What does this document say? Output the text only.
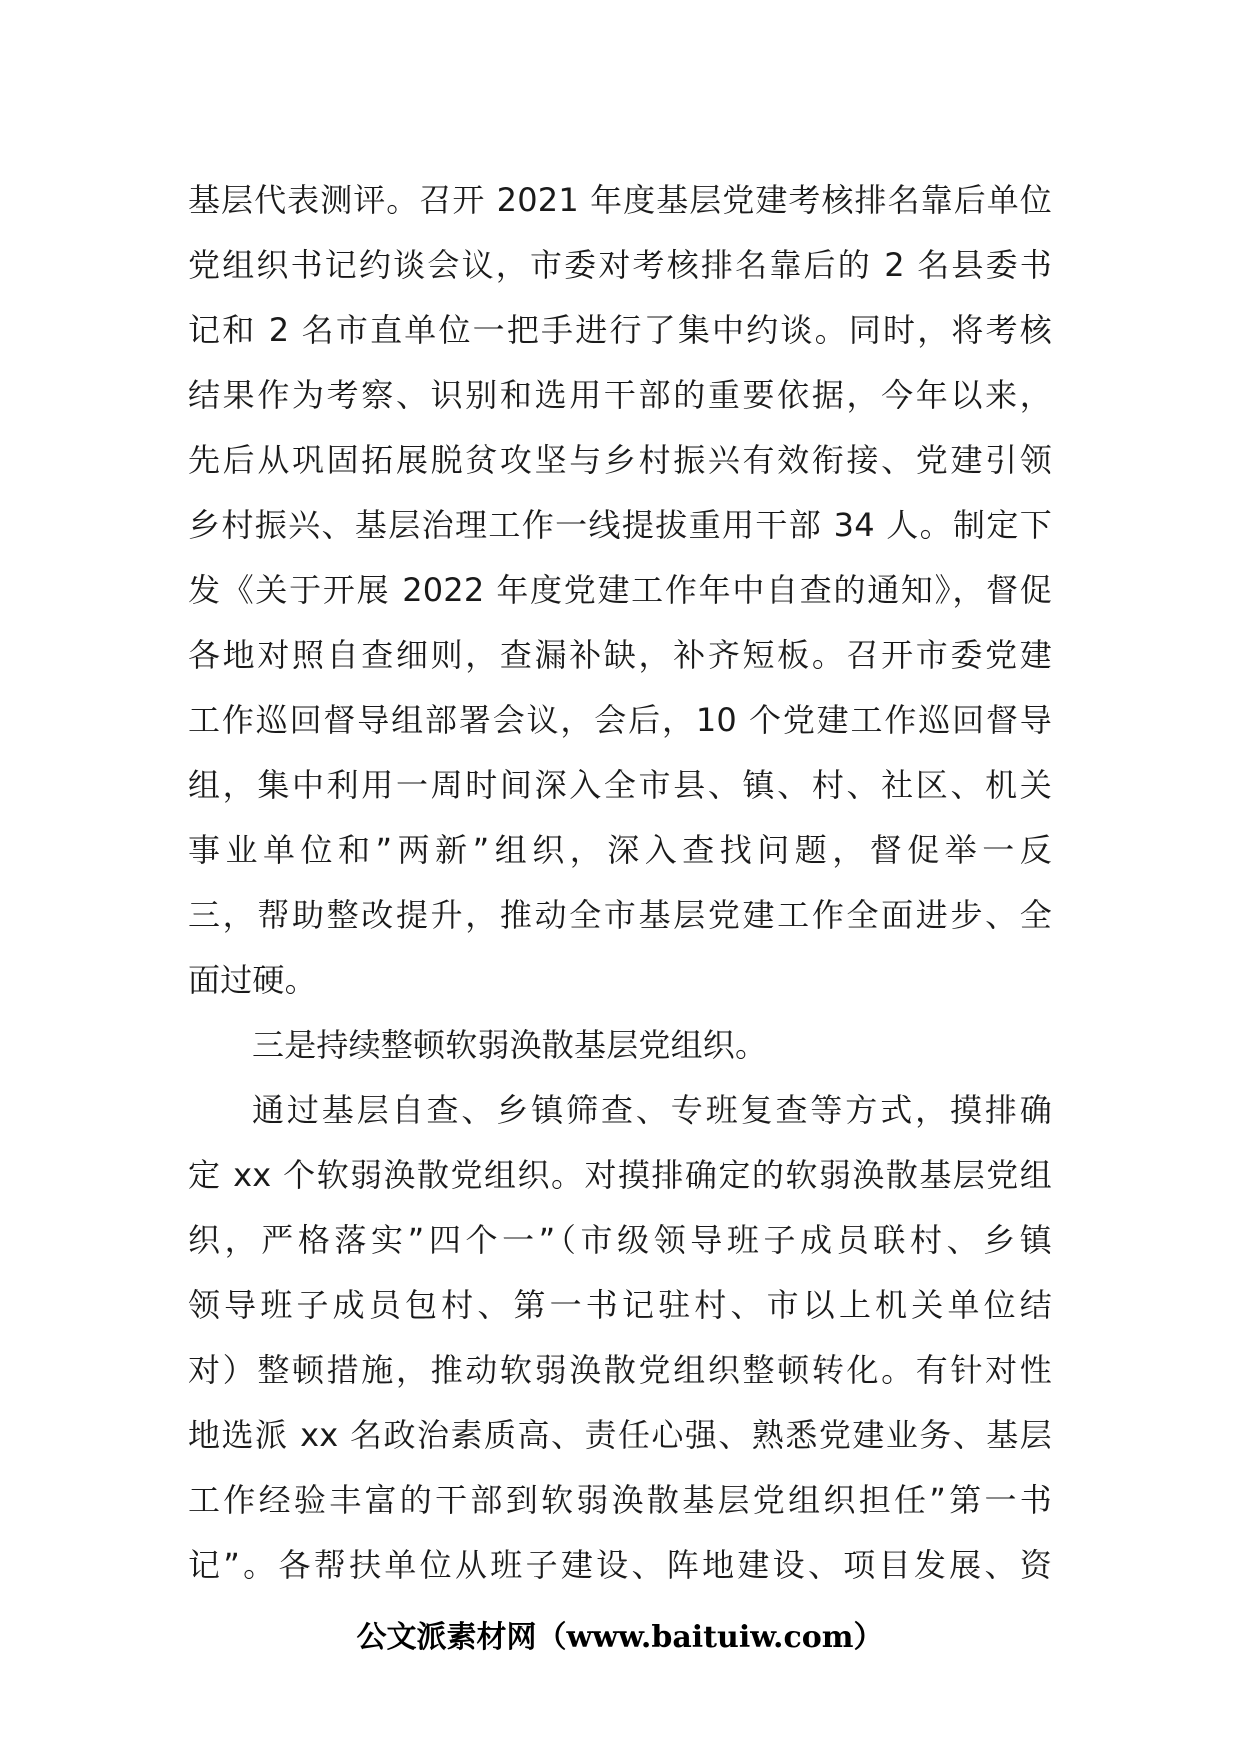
基层代表测评。召开 2021 年度基层党建考核排名靠后单位
党组织书记约谈会议，市委对考核排名靠后的 2 名县委书
记和 2 名市直单位一把手进行了集中约谈。同时，将考核
结果作为考察、识别和选用干部的重要依据，今年以来，
先后从巩固拓展脱贫攻坚与乡村振兴有效衔接、党建引领
乡村振兴、基层治理工作一线提拔重用干部 34 人。制定下
发《关于开展 2022 年度党建工作年中自查的通知》，督促
各地对照自查细则，查漏补缺，补齐短板。召开市委党建
工作巡回督导组部署会议，会后，10 个党建工作巡回督导
组，集中利用一周时间深入全市县、镇、村、社区、机关
事业单位和”两新”组织，深入查找问题，督促举一反
三，帮助整改提升，推动全市基层党建工作全面进步、全
面过硬。
三是持续整顿软弱涣散基层党组织。
通过基层自查、乡镇筛查、专班复查等方式，摸排确
定 xx 个软弱涣散党组织。对摸排确定的软弱涣散基层党组
织，严格落实”四个一”（市级领导班子成员联村、乡镇
领导班子成员包村、第一书记驻村、市以上机关单位结
对）整顿措施，推动软弱涣散党组织整顿转化。有针对性
地选派 xx 名政治素质高、责任心强、熟悉党建业务、基层
工作经验丰富的干部到软弱涣散基层党组织担任”第一书
记”。各帮扶单位从班子建设、阵地建设、项目发展、资
公文派素材网（www.baituiw.com）
